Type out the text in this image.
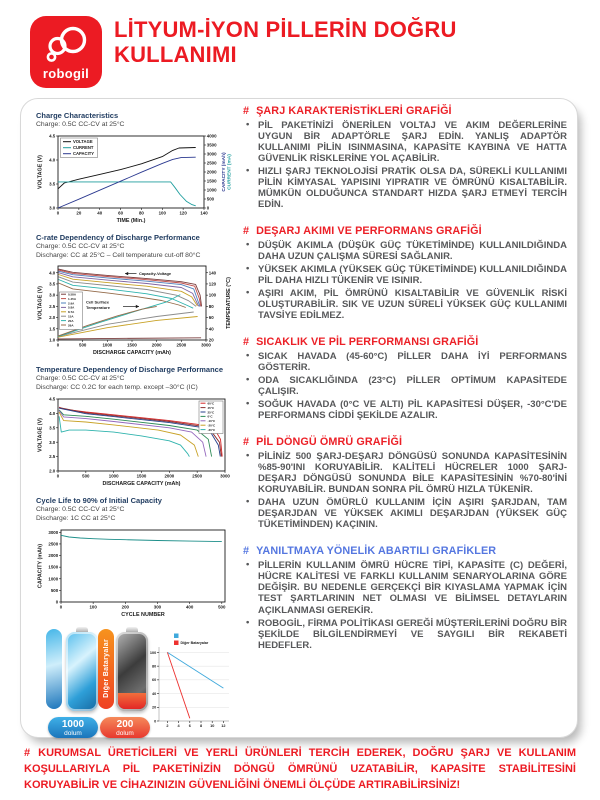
robogil
LİTYUM-İYON PİLLERİN DOĞRU
KULLANIMI
Charge Characteristics
Charge: 0.5C CC-CV at 25°C
0	20	40	60	80	100	120	140
3.0
3.5
4.0
4.5
0
500
1000
1500
2000
2500
3000
3500
4000
TIME (Min.)
VOLTAGE (V)	CAPACITY (mAh) CURRENT (mA)
VOLTAGE
CURRENT
CAPACITY
C-rate Dependency of Discharge Performance
Charge: 0.5C CC-CV at 25°C
Discharge: CC at 25°C – Cell temperature cut-off 80°C
0	500	1000	1500	2000	2500	3000
1.0
1.5
2.0
2.5
3.0
3.5
4.0
20
40
60
80
100
120
140
DISCHARGE CAPACITY (mAh)
VOLTAGE (V)	TEMPERATURE (°C)
0.58A
1.45A
2.9A
5.8A
8.7A
15A
20A
29A
Capacity-Voltage
Cell Surface
Temperature
Temperature Dependency of Discharge Performance
Charge: 0.5C CC-CV at 25°C
Discharge: CC 0.2C for each temp. except –30°C (IC)
0	500	1000	1500	2000	2500	3000
2.0
2.5
3.0
3.5
4.0
4.5
DISCHARGE CAPACITY (mAh)
VOLTAGE (V)
60°C
45°C
25°C
0°C
-10°C
-20°C
-30°C
Cycle Life to 90% of Initial Capacity
Charge: 0.5C CC-CV at 25°C
Discharge: 1C CC at 25°C
0	100	200	300	400	500
0
500
1000
1500
2000
2500
3000
CYCLE NUMBER
CAPACITY (mAh)
Diğer Bataryalar
1000
dolum
200
dolum
2 4 6 8 10 12
0
20
40
60
80
100
Diğer Bataryalar
# ŞARJ KARAKTERİSTİKLERİ GRAFİĞİ
• PİL PAKETİNİZİ ÖNERİLEN VOLTAJ VE AKIM DEĞERLERİNE UYGUN BİR ADAPTÖRLE ŞARJ EDİN. YANLIŞ ADAPTÖR KULLANIMI PİLİN ISINMASINA, KAPASİTE KAYBINA VE HATTA GÜVENLİK RİSKLERİNE YOL AÇABİLİR.
• HIZLI ŞARJ TEKNOLOJİSİ PRATİK OLSA DA, SÜREKLİ KULLANIMI PİLİN KİMYASAL YAPISINI YIPRATIR VE ÖMRÜNÜ KISALTABİLİR. MÜMKÜN OLDUĞUNCA STANDART HIZDA ŞARJ ETMEYİ TERCİH EDİN.
# DEŞARJ AKIMI VE PERFORMANS GRAFİĞİ
• DÜŞÜK AKIMLA (DÜŞÜK GÜÇ TÜKETİMİNDE) KULLANILDIĞINDA DAHA UZUN ÇALIŞMA SÜRESİ SAĞLANIR.
• YÜKSEK AKIMLA (YÜKSEK GÜÇ TÜKETİMİNDE) KULLANILDIĞINDA PİL DAHA HIZLI TÜKENİR VE ISINIR.
• AŞIRI AKIM, PİL ÖMRÜNÜ KISALTABİLİR VE GÜVENLİK RİSKİ OLUŞTURABİLİR. SIK VE UZUN SÜRELİ YÜKSEK GÜÇ KULLANIMI TAVSİYE EDİLMEZ.
# SICAKLIK VE PİL PERFORMANSI GRAFİĞİ
• SICAK HAVADA (45-60°C) PİLLER DAHA İYİ PERFORMANS GÖSTERİR.
• ODA SICAKLIĞINDA (23°C) PİLLER OPTİMUM KAPASİTEDE ÇALIŞIR.
• SOĞUK HAVADA (0°C VE ALTI) PİL KAPASİTESİ DÜŞER, -30°C'DE PERFORMANS CİDDİ ŞEKİLDE AZALIR.
# PİL DÖNGÜ ÖMRÜ GRAFİĞİ
• PİLİNİZ 500 ŞARJ-DEŞARJ DÖNGÜSÜ SONUNDA KAPASİTESİNİN %85-90'INI KORUYABİLİR. KALİTELİ HÜCRELER 1000 ŞARJ-DEŞARJ DÖNGÜSÜ SONUNDA BİLE KAPASİTESİNİN %70-80'İNİ KORUYABİLİR. BUNDAN SONRA PİL ÖMRÜ HIZLA TÜKENİR.
• DAHA UZUN ÖMÜRLÜ KULLANIM İÇİN AŞIRI ŞARJDAN, TAM DEŞARJDAN VE YÜKSEK AKIMLI DEŞARJDAN (YÜKSEK GÜÇ TÜKETİMİNDEN) KAÇININ.
# YANILTMAYA YÖNELİK ABARTILI GRAFİKLER
• PİLLERİN KULLANIM ÖMRÜ HÜCRE TİPİ, KAPASİTE (C) DEĞERİ, HÜCRE KALİTESİ VE FARKLI KULLANIM SENARYOLARINA GÖRE DEĞİŞİR. BU NEDENLE GERÇEKÇİ BİR KIYASLAMA YAPMAK İÇİN TEST ŞARTLARININ NET OLMASI VE BİLİMSEL DETAYLARIN AÇIKLANMASI GEREKİR.
• ROBOGİL, FİRMA POLİTİKASI GEREĞİ MÜŞTERİLERİNİ DOĞRU BİR ŞEKİLDE BİLGİLENDİRMEYİ VE SAYGILI BİR REKABETİ HEDEFLER.

# KURUMSAL ÜRETİCİLERİ VE YERLİ ÜRÜNLERİ TERCİH EDEREK, DOĞRU ŞARJ VE KULLANIM KOŞULLARIYLA PİL PAKETİNİZİN DÖNGÜ ÖMRÜNÜ UZATABİLİR, KAPASİTE STABİLİTESİNİ KORUYABİLİR VE CİHAZINIZIN GÜVENLİĞİNİ ÖNEMLİ ÖLÇÜDE ARTIRABİLİRSİNİZ!
